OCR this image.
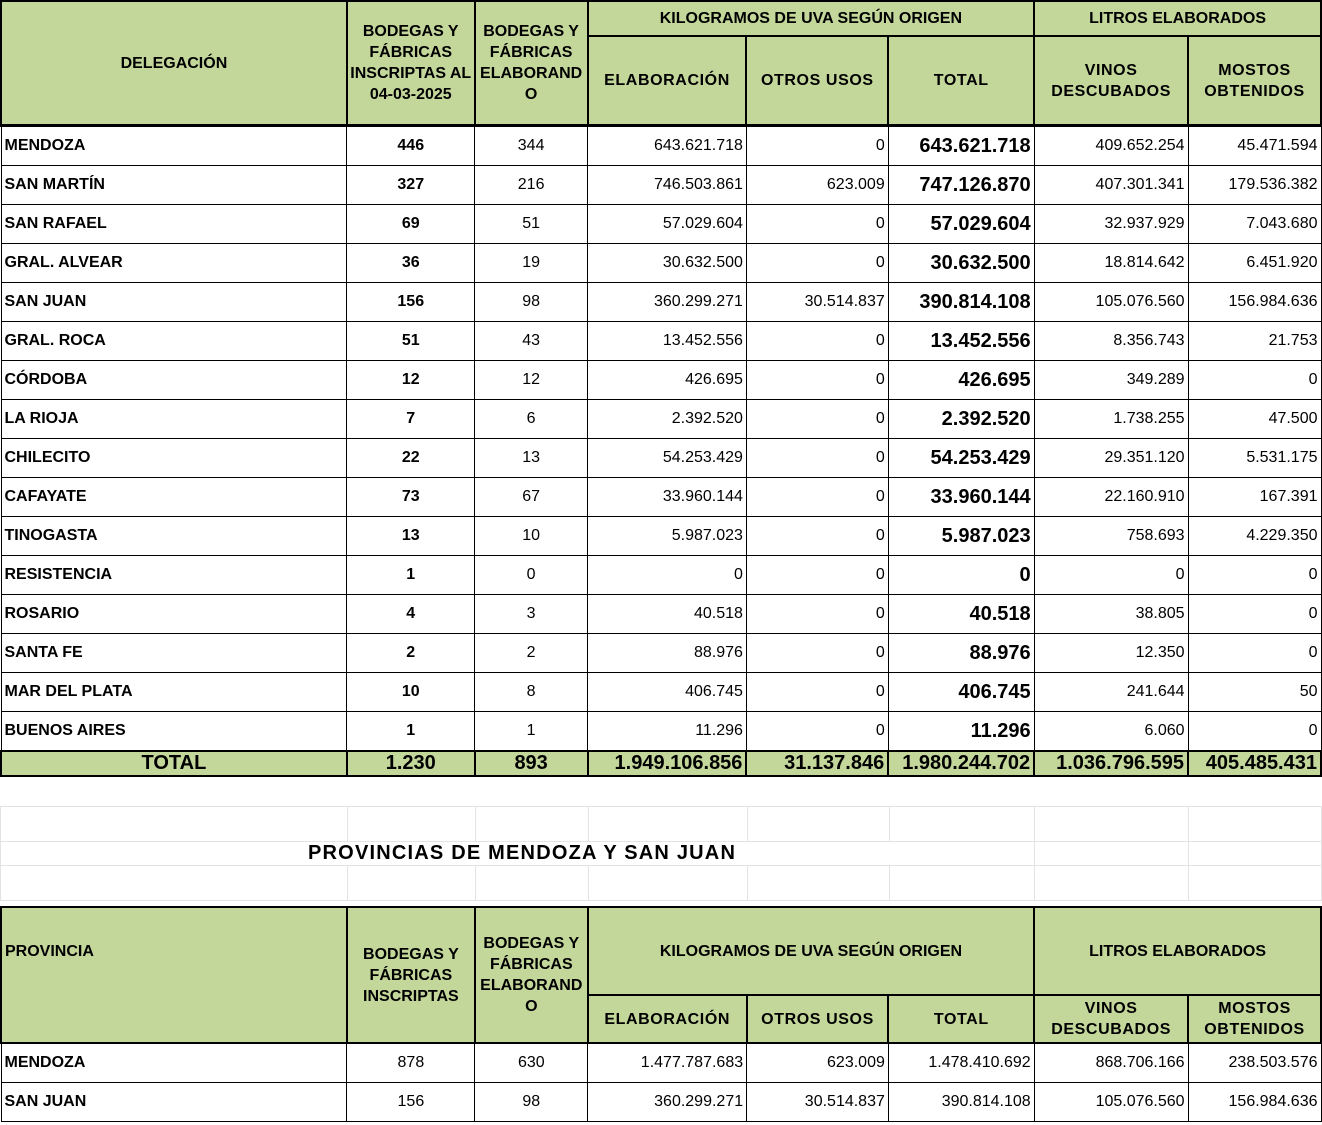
DELEGACIÓN	BODEGAS Y FÁBRICAS INSCRIPTAS AL 04-03-2025	BODEGAS Y FÁBRICAS ELABORAND O	KILOGRAMOS DE UVA SEGÚN ORIGEN			LITROS ELABORADOS	
			ELABORACIÓN	OTROS USOS	TOTAL	VINOS DESCUBADOS	MOSTOS OBTENIDOS
MENDOZA	446	344	643.621.718	0	643.621.718	409.652.254	45.471.594
SAN MARTÍN	327	216	746.503.861	623.009	747.126.870	407.301.341	179.536.382
SAN RAFAEL	69	51	57.029.604	0	57.029.604	32.937.929	7.043.680
GRAL. ALVEAR	36	19	30.632.500	0	30.632.500	18.814.642	6.451.920
SAN JUAN	156	98	360.299.271	30.514.837	390.814.108	105.076.560	156.984.636
GRAL. ROCA	51	43	13.452.556	0	13.452.556	8.356.743	21.753
CÓRDOBA	12	12	426.695	0	426.695	349.289	0
LA RIOJA	7	6	2.392.520	0	2.392.520	1.738.255	47.500
CHILECITO	22	13	54.253.429	0	54.253.429	29.351.120	5.531.175
CAFAYATE	73	67	33.960.144	0	33.960.144	22.160.910	167.391
TINOGASTA	13	10	5.987.023	0	5.987.023	758.693	4.229.350
RESISTENCIA	1	0	0	0	0	0	0
ROSARIO	4	3	40.518	0	40.518	38.805	0
SANTA FE	2	2	88.976	0	88.976	12.350	0
MAR DEL PLATA	10	8	406.745	0	406.745	241.644	50
BUENOS AIRES	1	1	11.296	0	11.296	6.060	0
TOTAL	1.230	893	1.949.106.856	31.137.846	1.980.244.702	1.036.796.595	405.485.431

PROVINCIAS DE MENDOZA Y SAN JUAN							

PROVINCIA	BODEGAS Y FÁBRICAS INSCRIPTAS	BODEGAS Y FÁBRICAS ELABORAND O	KILOGRAMOS DE UVA SEGÚN ORIGEN			LITROS ELABORADOS	
			ELABORACIÓN	OTROS USOS	TOTAL	VINOS DESCUBADOS	MOSTOS OBTENIDOS
MENDOZA	878	630	1.477.787.683	623.009	1.478.410.692	868.706.166	238.503.576
SAN JUAN	156	98	360.299.271	30.514.837	390.814.108	105.076.560	156.984.636
